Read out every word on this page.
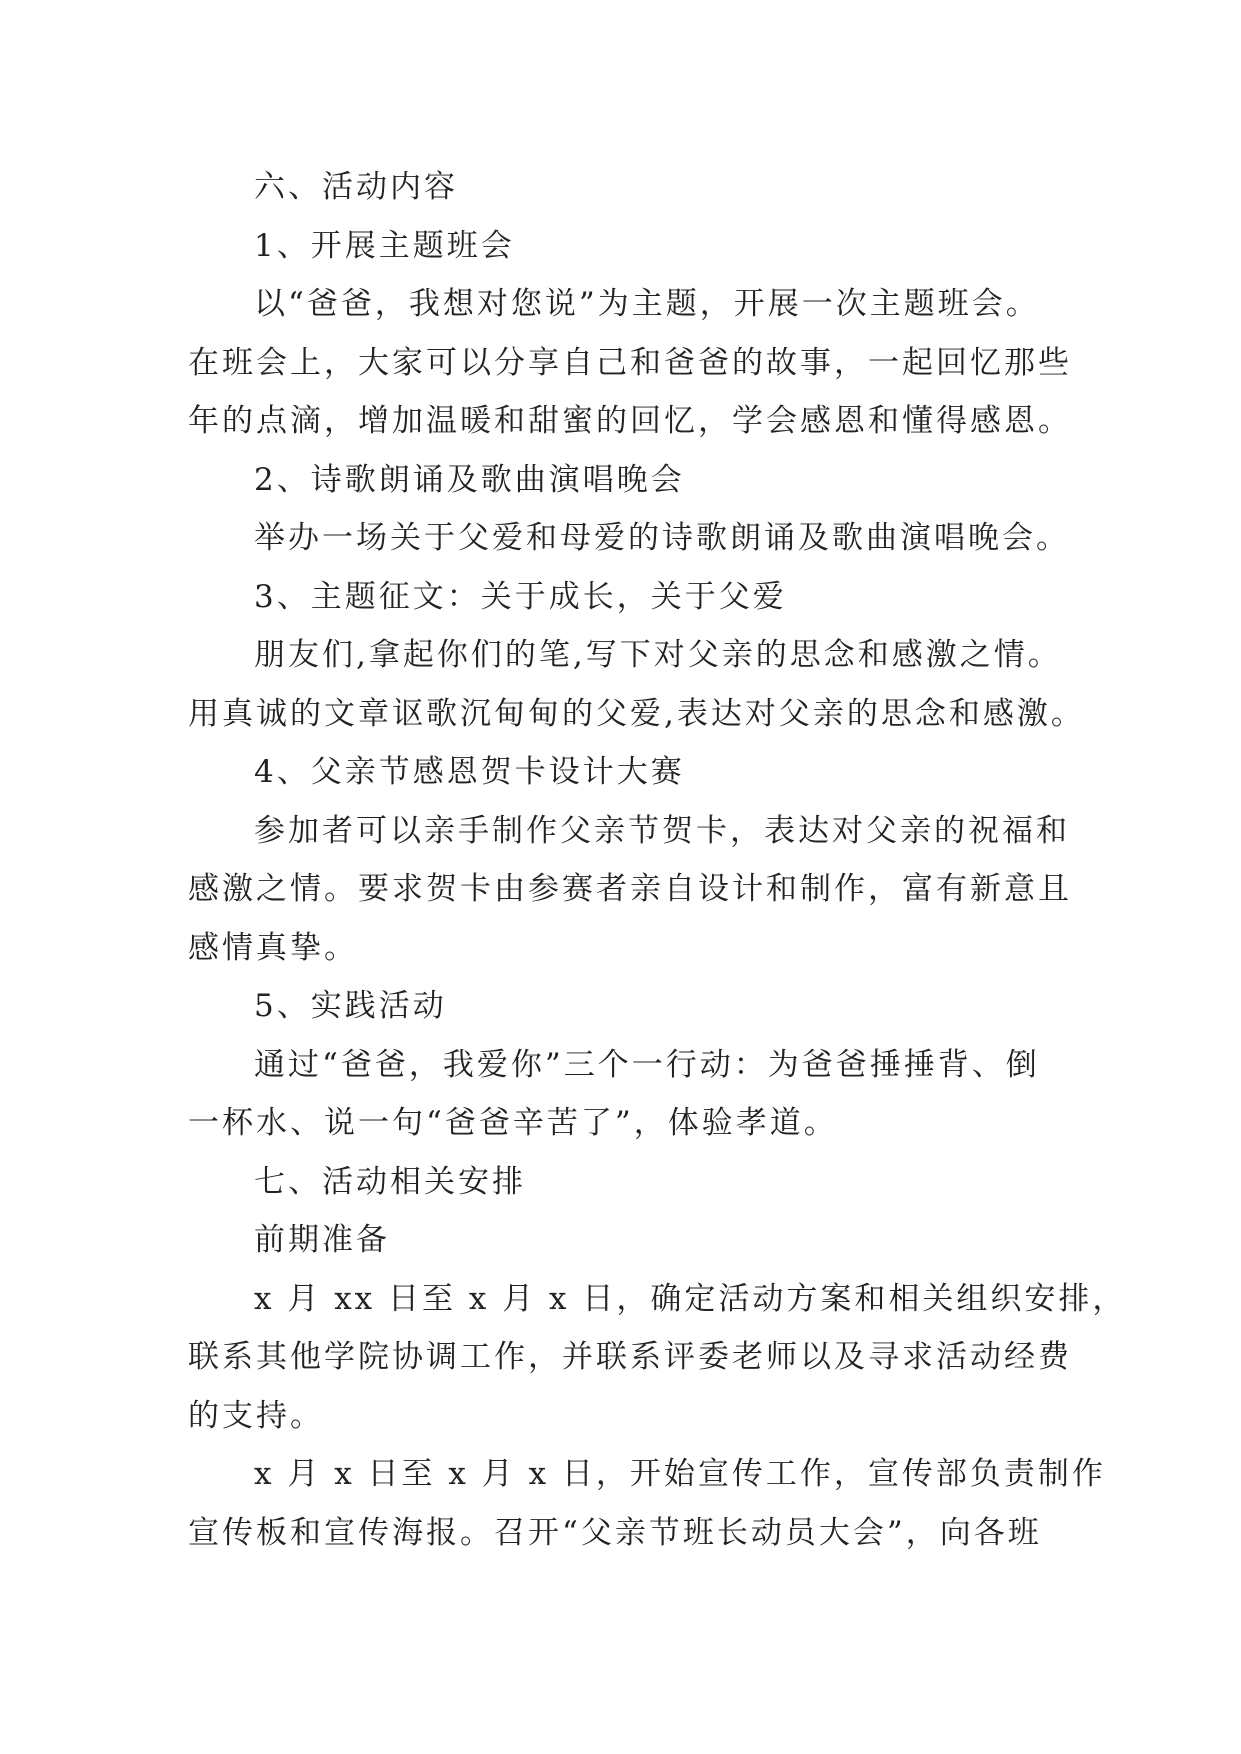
六、活动内容

1、开展主题班会

以“爸爸，我想对您说”为主题，开展一次主题班会。

在班会上，大家可以分享自己和爸爸的故事，一起回忆那些

年的点滴，增加温暖和甜蜜的回忆，学会感恩和懂得感恩。

2、诗歌朗诵及歌曲演唱晚会

举办一场关于父爱和母爱的诗歌朗诵及歌曲演唱晚会。

3、主题征文：关于成长，关于父爱

朋友们,拿起你们的笔,写下对父亲的思念和感激之情。

用真诚的文章讴歌沉甸甸的父爱,表达对父亲的思念和感激。

4、父亲节感恩贺卡设计大赛

参加者可以亲手制作父亲节贺卡，表达对父亲的祝福和

感激之情。要求贺卡由参赛者亲自设计和制作，富有新意且

感情真挚。

5、实践活动

通过“爸爸，我爱你”三个一行动：为爸爸捶捶背、倒

一杯水、说一句“爸爸辛苦了”，体验孝道。

七、活动相关安排

前期准备

x 月 xx 日至 x 月 x 日，确定活动方案和相关组织安排，

联系其他学院协调工作，并联系评委老师以及寻求活动经费

的支持。

x 月 x 日至 x 月 x 日，开始宣传工作，宣传部负责制作

宣传板和宣传海报。召开“父亲节班长动员大会”，向各班
